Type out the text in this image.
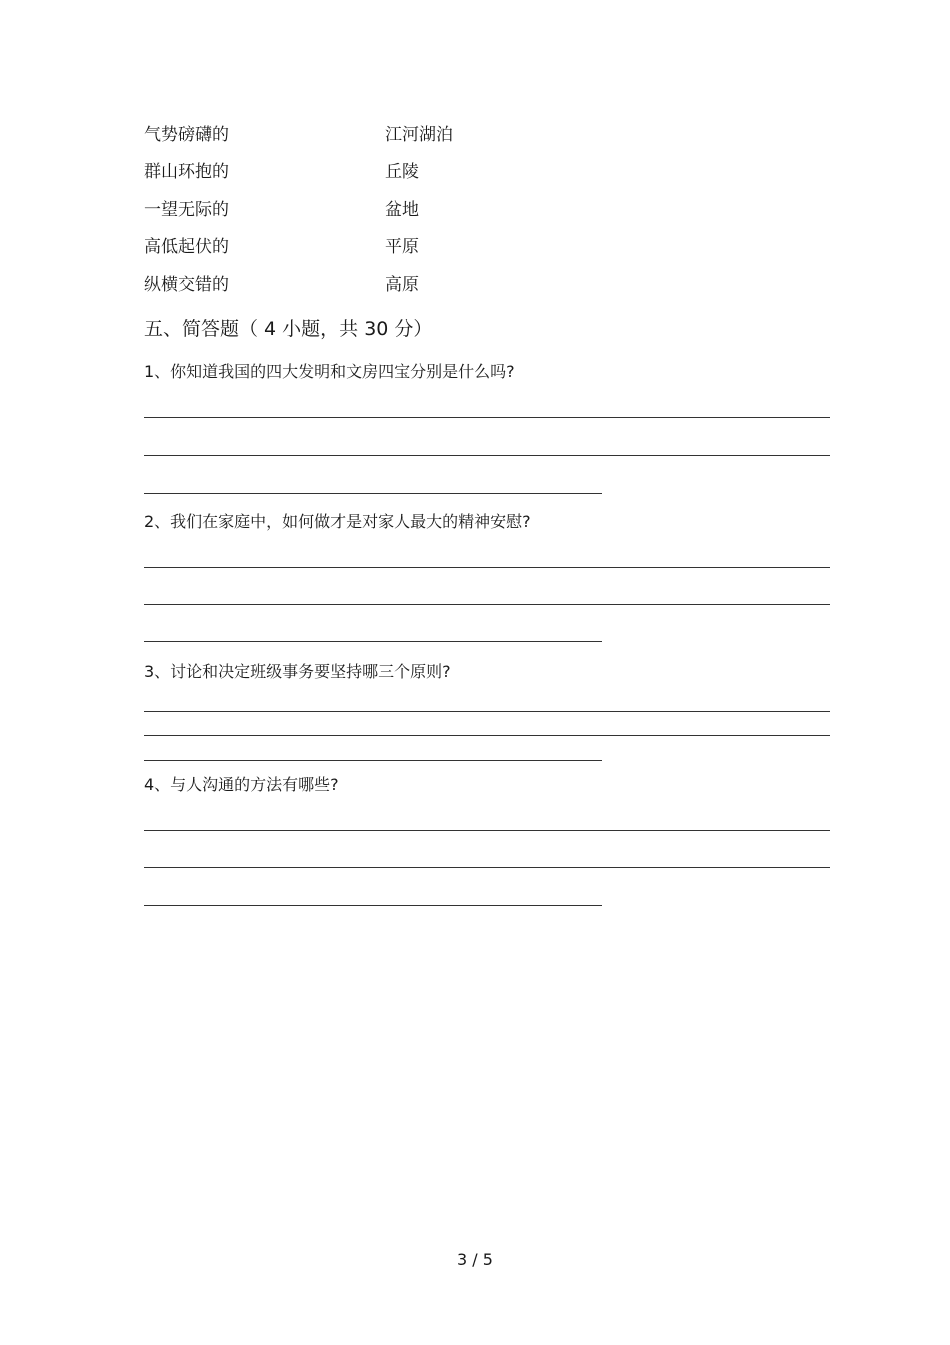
气势磅礴的
群山环抱的
一望无际的
高低起伏的
纵横交错的
江河湖泊
丘陵
盆地
平原
高原
五、简答题（ 4 小题，共 30 分）
1、你知道我国的四大发明和文房四宝分别是什么吗?
2、我们在家庭中，如何做才是对家人最大的精神安慰?
3、讨论和决定班级事务要坚持哪三个原则?
4、与人沟通的方法有哪些?
3 / 5
